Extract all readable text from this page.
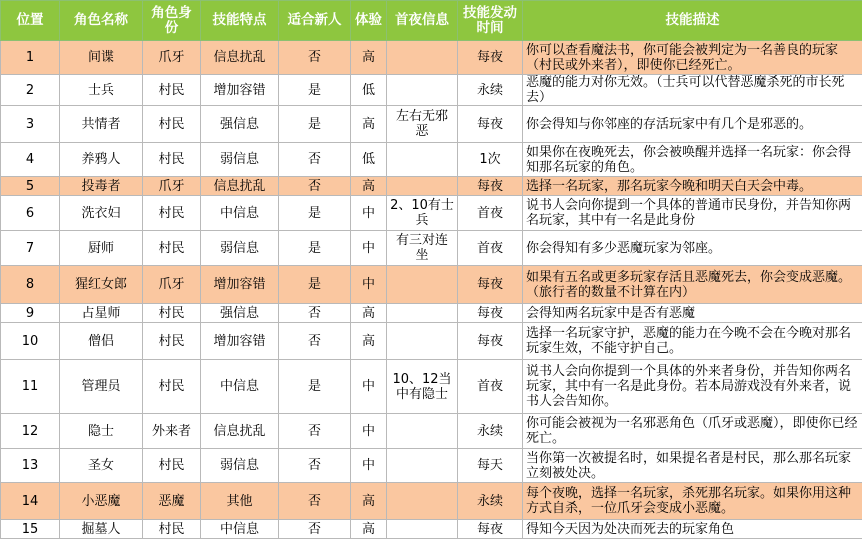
位置	角色名称	角色身份	技能特点	适合新人	体验	首夜信息	技能发动时间	技能描述
1	间谍	爪牙	信息扰乱	否	高		每夜	你可以查看魔法书，你可能会被判定为一名善良的玩家（村民或外来者），即使你已经死亡。
2	士兵	村民	增加容错	是	低		永续	恶魔的能力对你无效。（士兵可以代替恶魔杀死的市长死去）
3	共情者	村民	强信息	是	高	左右无邪恶	每夜	你会得知与你邻座的存活玩家中有几个是邪恶的。
4	养鸦人	村民	弱信息	否	低		1次	如果你在夜晚死去，你会被唤醒并选择一名玩家：你会得知那名玩家的角色。
5	投毒者	爪牙	信息扰乱	否	高		每夜	选择一名玩家，那名玩家今晚和明天白天会中毒。
6	洗衣妇	村民	中信息	是	中	2、10有士兵	首夜	说书人会向你提到一个具体的普通市民身份，并告知你两名玩家，其中有一名是此身份
7	厨师	村民	弱信息	是	中	有三对连坐	首夜	你会得知有多少恶魔玩家为邻座。
8	猩红女郎	爪牙	增加容错	是	中		每夜	如果有五名或更多玩家存活且恶魔死去，你会变成恶魔。（旅行者的数量不计算在内）
9	占星师	村民	强信息	否	高		每夜	会得知两名玩家中是否有恶魔
10	僧侣	村民	增加容错	否	高		每夜	选择一名玩家守护，恶魔的能力在今晚不会在今晚对那名玩家生效，不能守护自己。
11	管理员	村民	中信息	是	中	10、12当中有隐士	首夜	说书人会向你提到一个具体的外来者身份，并告知你两名玩家，其中有一名是此身份。若本局游戏没有外来者，说书人会告知你。
12	隐士	外来者	信息扰乱	否	中		永续	你可能会被视为一名邪恶角色（爪牙或恶魔），即使你已经死亡。
13	圣女	村民	弱信息	否	中		每天	当你第一次被提名时，如果提名者是村民，那么那名玩家立刻被处决。
14	小恶魔	恶魔	其他	否	高		永续	每个夜晚，选择一名玩家，杀死那名玩家。如果你用这种方式自杀，一位爪牙会变成小恶魔。
15	掘墓人	村民	中信息	否	高		每夜	得知今天因为处决而死去的玩家角色
